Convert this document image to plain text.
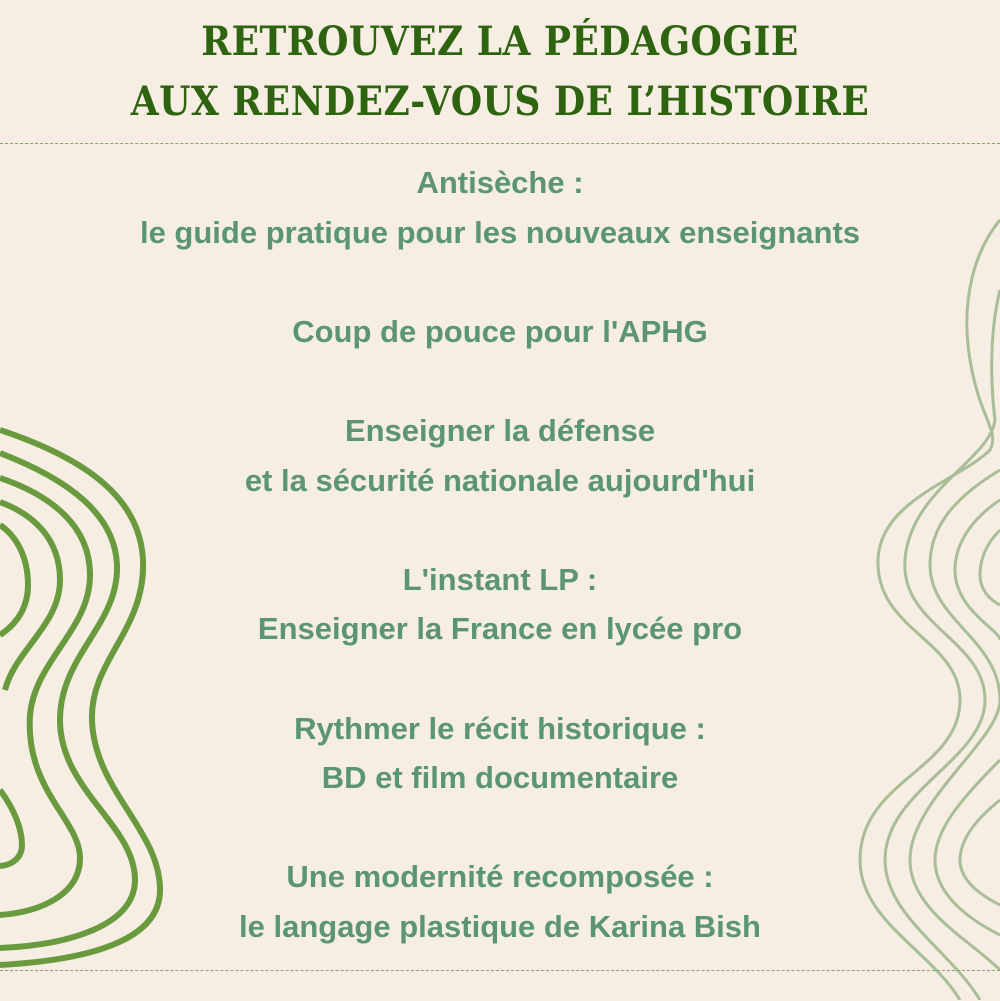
RETROUVEZ LA PÉDAGOGIE
AUX RENDEZ-VOUS DE L’HISTOIRE
Antisèche :
le guide pratique pour les nouveaux enseignants
Coup de pouce pour l'APHG
Enseigner la défense
et la sécurité nationale aujourd'hui
L'instant LP :
Enseigner la France en lycée pro
Rythmer le récit historique :
BD et film documentaire
Une modernité recomposée :
le langage plastique de Karina Bish
